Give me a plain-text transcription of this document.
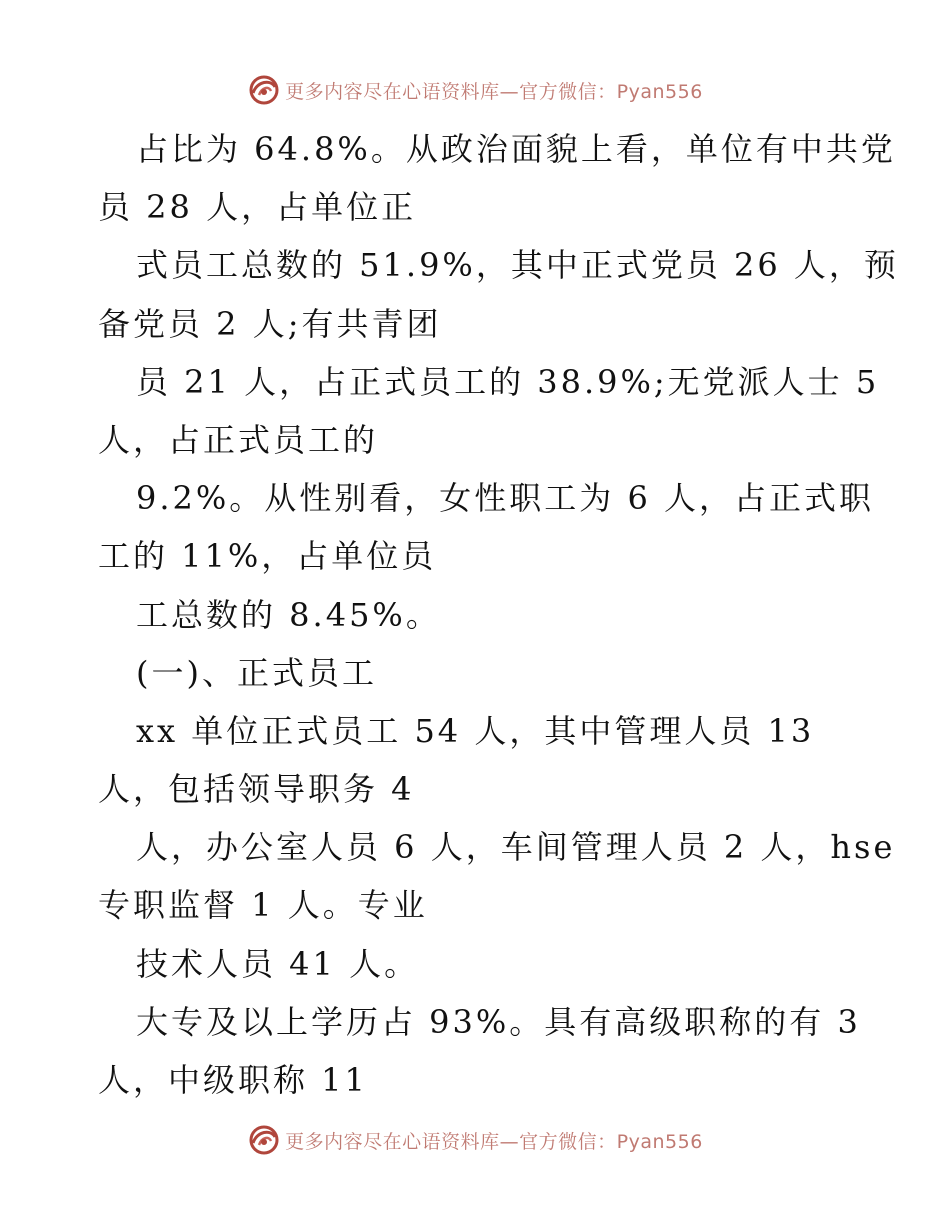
更多内容尽在心语资料库—官方微信：Pyan556
占比为 64.8%。从政治面貌上看，单位有中共党
员 28 人，占单位正
式员工总数的 51.9%，其中正式党员 26 人，预
备党员 2 人;有共青团
员 21 人，占正式员工的 38.9%;无党派人士 5
人，占正式员工的
9.2%。从性别看，女性职工为 6 人，占正式职
工的 11%，占单位员
工总数的 8.45%。
(一)、正式员工
xx 单位正式员工 54 人，其中管理人员 13
人，包括领导职务 4
人，办公室人员 6 人，车间管理人员 2 人，hse
专职监督 1 人。专业
技术人员 41 人。
大专及以上学历占 93%。具有高级职称的有 3
人，中级职称 11
更多内容尽在心语资料库—官方微信：Pyan556
